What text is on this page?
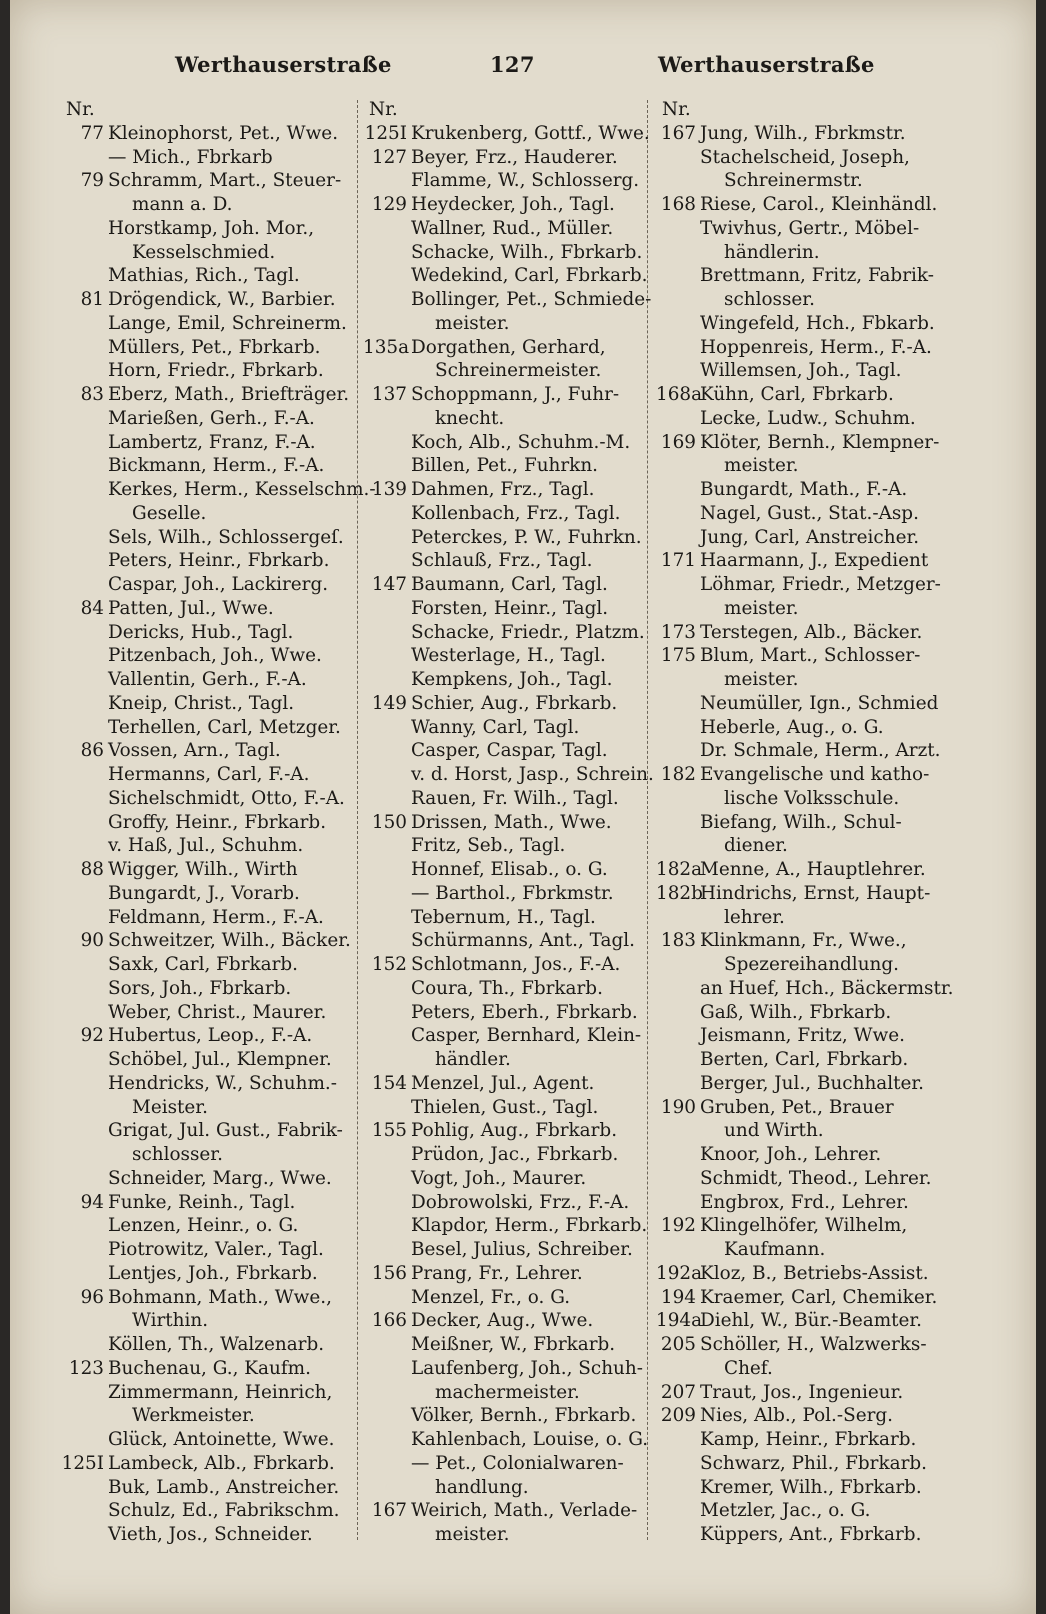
Werthauserstraße	127	Werthauserstraße
Nr.
77 Kleinophorst, Pet., Wwe.
— Mich., Fbrkarb
79 Schramm, Mart., Steuer-
mann a. D.
Horstkamp, Joh. Mor.,
Kesselschmied.
Mathias, Rich., Tagl.
81 Drögendick, W., Barbier.
Lange, Emil, Schreinerm.
Müllers, Pet., Fbrkarb.
Horn, Friedr., Fbrkarb.
83 Eberz, Math., Briefträger.
Marießen, Gerh., F.-A.
Lambertz, Franz, F.-A.
Bickmann, Herm., F.-A.
Kerkes, Herm., Kesselschm.-
Geselle.
Sels, Wilh., Schlossergeſ.
Peters, Heinr., Fbrkarb.
Caspar, Joh., Lackirerg.
84 Patten, Jul., Wwe.
Dericks, Hub., Tagl.
Pitzenbach, Joh., Wwe.
Vallentin, Gerh., F.-A.
Kneip, Christ., Tagl.
Terhellen, Carl, Metzger.
86 Vossen, Arn., Tagl.
Hermanns, Carl, F.-A.
Sichelschmidt, Otto, F.-A.
Groffy, Heinr., Fbrkarb.
v. Haß, Jul., Schuhm.
88 Wigger, Wilh., Wirth
Bungardt, J., Vorarb.
Feldmann, Herm., F.-A.
90 Schweitzer, Wilh., Bäcker.
Saxk, Carl, Fbrkarb.
Sors, Joh., Fbrkarb.
Weber, Christ., Maurer.
92 Hubertus, Leop., F.-A.
Schöbel, Jul., Klempner.
Hendricks, W., Schuhm.-
Meister.
Grigat, Jul. Gust., Fabrik-
schlosser.
Schneider, Marg., Wwe.
94 Funke, Reinh., Tagl.
Lenzen, Heinr., o. G.
Piotrowitz, Valer., Tagl.
Lentjes, Joh., Fbrkarb.
96 Bohmann, Math., Wwe.,
Wirthin.
Köllen, Th., Walzenarb.
123 Buchenau, G., Kaufm.
Zimmermann, Heinrich,
Werkmeister.
Glück, Antoinette, Wwe.
125I Lambeck, Alb., Fbrkarb.
Buk, Lamb., Anstreicher.
Schulz, Ed., Fabrikschm.
Vieth, Jos., Schneider.
Nr.
125I Krukenberg, Gottf., Wwe.
127 Beyer, Frz., Hauderer.
Flamme, W., Schlosserg.
129 Heydecker, Joh., Tagl.
Wallner, Rud., Müller.
Schacke, Wilh., Fbrkarb.
Wedekind, Carl, Fbrkarb.
Bollinger, Pet., Schmiede-
meister.
135a Dorgathen, Gerhard,
Schreinermeister.
137 Schoppmann, J., Fuhr-
knecht.
Koch, Alb., Schuhm.-M.
Billen, Pet., Fuhrkn.
139 Dahmen, Frz., Tagl.
Kollenbach, Frz., Tagl.
Peterckes, P. W., Fuhrkn.
Schlauß, Frz., Tagl.
147 Baumann, Carl, Tagl.
Forsten, Heinr., Tagl.
Schacke, Friedr., Platzm.
Westerlage, H., Tagl.
Kempkens, Joh., Tagl.
149 Schier, Aug., Fbrkarb.
Wanny, Carl, Tagl.
Casper, Caspar, Tagl.
v. d. Horst, Jasp., Schrein.
Rauen, Fr. Wilh., Tagl.
150 Drissen, Math., Wwe.
Fritz, Seb., Tagl.
Honnef, Elisab., o. G.
— Barthol., Fbrkmstr.
Tebernum, H., Tagl.
Schürmanns, Ant., Tagl.
152 Schlotmann, Jos., F.-A.
Coura, Th., Fbrkarb.
Peters, Eberh., Fbrkarb.
Casper, Bernhard, Klein-
händler.
154 Menzel, Jul., Agent.
Thielen, Gust., Tagl.
155 Pohlig, Aug., Fbrkarb.
Prüdon, Jac., Fbrkarb.
Vogt, Joh., Maurer.
Dobrowolski, Frz., F.-A.
Klapdor, Herm., Fbrkarb.
Besel, Julius, Schreiber.
156 Prang, Fr., Lehrer.
Menzel, Fr., o. G.
166 Decker, Aug., Wwe.
Meißner, W., Fbrkarb.
Laufenberg, Joh., Schuh-
machermeister.
Völker, Bernh., Fbrkarb.
Kahlenbach, Louise, o. G.
— Pet., Colonialwaren-
handlung.
167 Weirich, Math., Verlade-
meister.
Nr.
167 Jung, Wilh., Fbrkmstr.
Stachelscheid, Joseph,
Schreinermstr.
168 Riese, Carol., Kleinhändl.
Twivhus, Gertr., Möbel-
händlerin.
Brettmann, Fritz, Fabrik-
schlosser.
Wingefeld, Hch., Fbkarb.
Hoppenreis, Herm., F.-A.
Willemsen, Joh., Tagl.
168a
Kühn, Carl, Fbrkarb.
Lecke, Ludw., Schuhm.
169 Klöter, Bernh., Klempner-
meister.
Bungardt, Math., F.-A.
Nagel, Gust., Stat.-Asp.
Jung, Carl, Anstreicher.
171 Haarmann, J., Expedient
Löhmar, Friedr., Metzger-
meister.
173 Terstegen, Alb., Bäcker.
175 Blum, Mart., Schlosser-
meister.
Neumüller, Ign., Schmied
Heberle, Aug., o. G.
Dr. Schmale, Herm., Arzt.
182 Evangelische und katho-
lische Volksschule.
Biefang, Wilh., Schul-
diener.
182a
Menne, A., Hauptlehrer.
182b
Hindrichs, Ernst, Haupt-
lehrer.
183 Klinkmann, Fr., Wwe.,
Spezereihandlung.
an Huef, Hch., Bäckermstr.
Gaß, Wilh., Fbrkarb.
Jeismann, Fritz, Wwe.
Berten, Carl, Fbrkarb.
Berger, Jul., Buchhalter.
190 Gruben, Pet., Brauer
und Wirth.
Knoor, Joh., Lehrer.
Schmidt, Theod., Lehrer.
Engbrox, Frd., Lehrer.
192 Klingelhöfer, Wilhelm,
Kaufmann.
192a
Kloz, B., Betriebs-Assist.
194 Kraemer, Carl, Chemiker.
194a
Diehl, W., Bür.-Beamter.
205 Schöller, H., Walzwerks-
Chef.
207 Traut, Jos., Ingenieur.
209 Nies, Alb., Pol.-Serg.
Kamp, Heinr., Fbrkarb.
Schwarz, Phil., Fbrkarb.
Kremer, Wilh., Fbrkarb.
Metzler, Jac., o. G.
Küppers, Ant., Fbrkarb.
